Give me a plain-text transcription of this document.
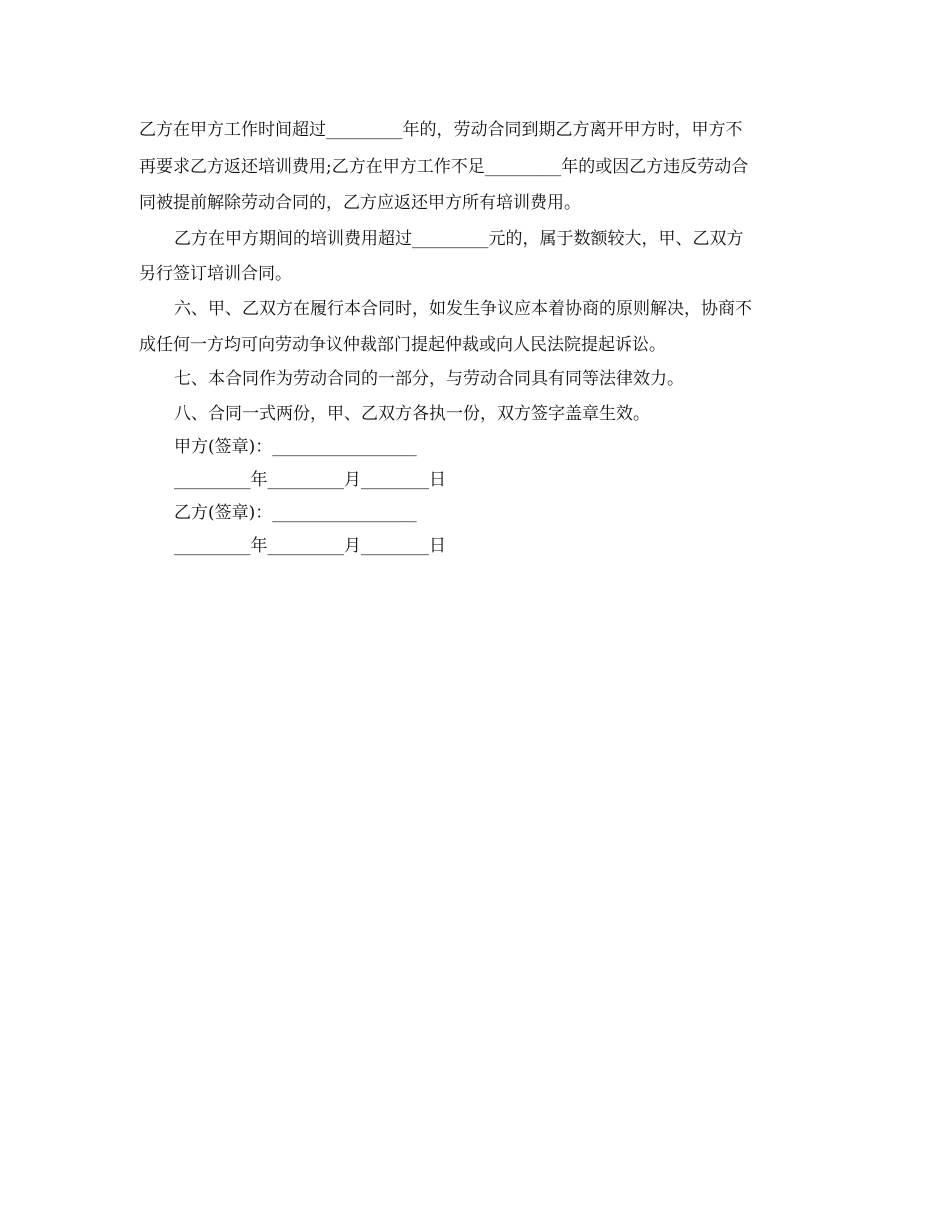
乙方在甲方工作时间超过_________年的，劳动合同到期乙方离开甲方时，甲方不
再要求乙方返还培训费用;乙方在甲方工作不足_________年的或因乙方违反劳动合
同被提前解除劳动合同的，乙方应返还甲方所有培训费用。
乙方在甲方期间的培训费用超过_________元的，属于数额较大，甲、乙双方
另行签订培训合同。
六、甲、乙双方在履行本合同时，如发生争议应本着协商的原则解决，协商不
成任何一方均可向劳动争议仲裁部门提起仲裁或向人民法院提起诉讼。
七、本合同作为劳动合同的一部分，与劳动合同具有同等法律效力。
八、合同一式两份，甲、乙双方各执一份，双方签字盖章生效。
甲方(签章)：_________________
_________年_________月________日
乙方(签章)：_________________
_________年_________月________日
